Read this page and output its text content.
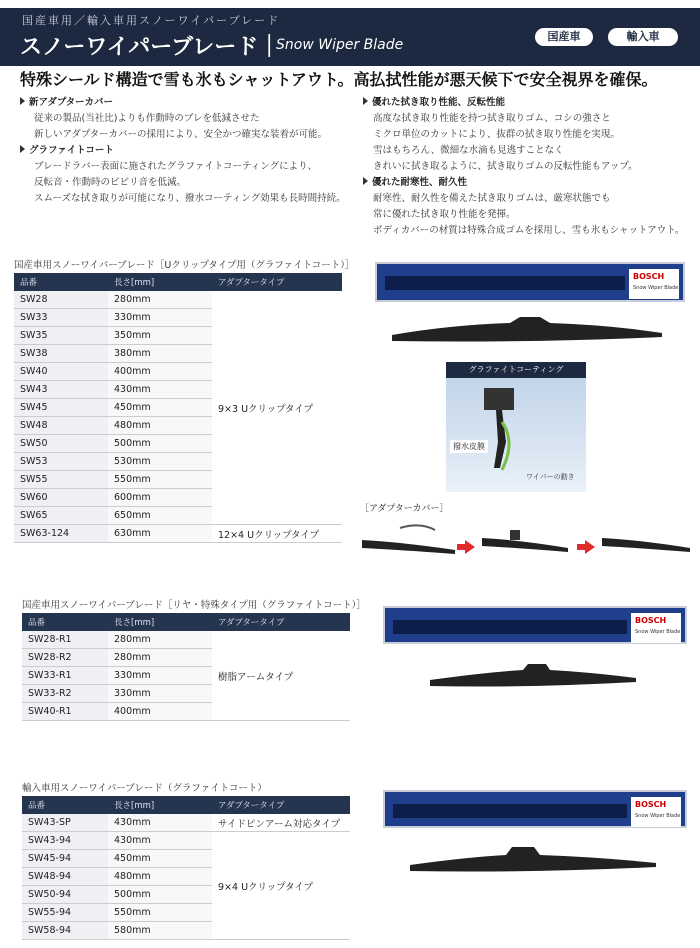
国産車用／輸入車用スノーワイパーブレード
スノーワイパーブレード｜
Snow Wiper Blade
国産車	輸入車
特殊シールド構造で雪も氷もシャットアウト。高払拭性能が悪天候下で安全視界を確保。
新アダプターカバー
従来の製品(当社比)よりも作動時のブレを低減させた
新しいアダプターカバーの採用により、安全かつ確実な装着が可能。
グラファイトコート
ブレードラバー表面に施されたグラファイトコーティングにより、
反転音・作動時のビビリ音を低減。
スムーズな拭き取りが可能になり、撥水コーティング効果も長時間持続。
優れた拭き取り性能、反転性能
高度な拭き取り性能を持つ拭き取りゴム、コシの強さと
ミクロ単位のカットにより、抜群の拭き取り性能を実現。
雪はもちろん、微細な水滴も見逃すことなく
きれいに拭き取るように、拭き取りゴムの反転性能もアップ。
優れた耐寒性、耐久性
耐寒性、耐久性を備えた拭き取りゴムは、厳寒状態でも
常に優れた拭き取り性能を発揮。
ボディカバーの材質は特殊合成ゴムを採用し、雪も氷もシャットアウト。
国産車用スノーワイパーブレード［Uクリップタイプ用（グラファイトコート）］
品番	長さ[mm]	アダプタータイプ
SW28	280mm	9×3 Uクリップタイプ
SW33	330mm	
SW35	350mm	
SW38	380mm	
SW40	400mm	
SW43	430mm	
SW45	450mm	
SW48	480mm	
SW50	500mm	
SW53	530mm	
SW55	550mm	
SW60	600mm	
SW65	650mm	
SW63-124	630mm	12×4 Uクリップタイプ
国産車用スノーワイパーブレード［リヤ・特殊タイプ用（グラファイトコート）］
品番	長さ[mm]	アダプタータイプ
SW28-R1	280mm	樹脂アームタイプ
SW28-R2	280mm	
SW33-R1	330mm	
SW33-R2	330mm	
SW40-R1	400mm	
輸入車用スノーワイパーブレード（グラファイトコート）
品番	長さ[mm]	アダプタータイプ
SW43-SP	430mm	サイドピンアーム対応タイプ
SW43-94	430mm	9×4 Uクリップタイプ
SW45-94	450mm	
SW48-94	480mm	
SW50-94	500mm	
SW55-94	550mm	
SW58-94	580mm	
BOSCH
Snow Wiper Blade
グラファイトコーティング
撥水皮膜
ワイパーの動き
［アダプターカバー］
BOSCH
Snow Wiper Blade
BOSCH
Snow Wiper Blade
